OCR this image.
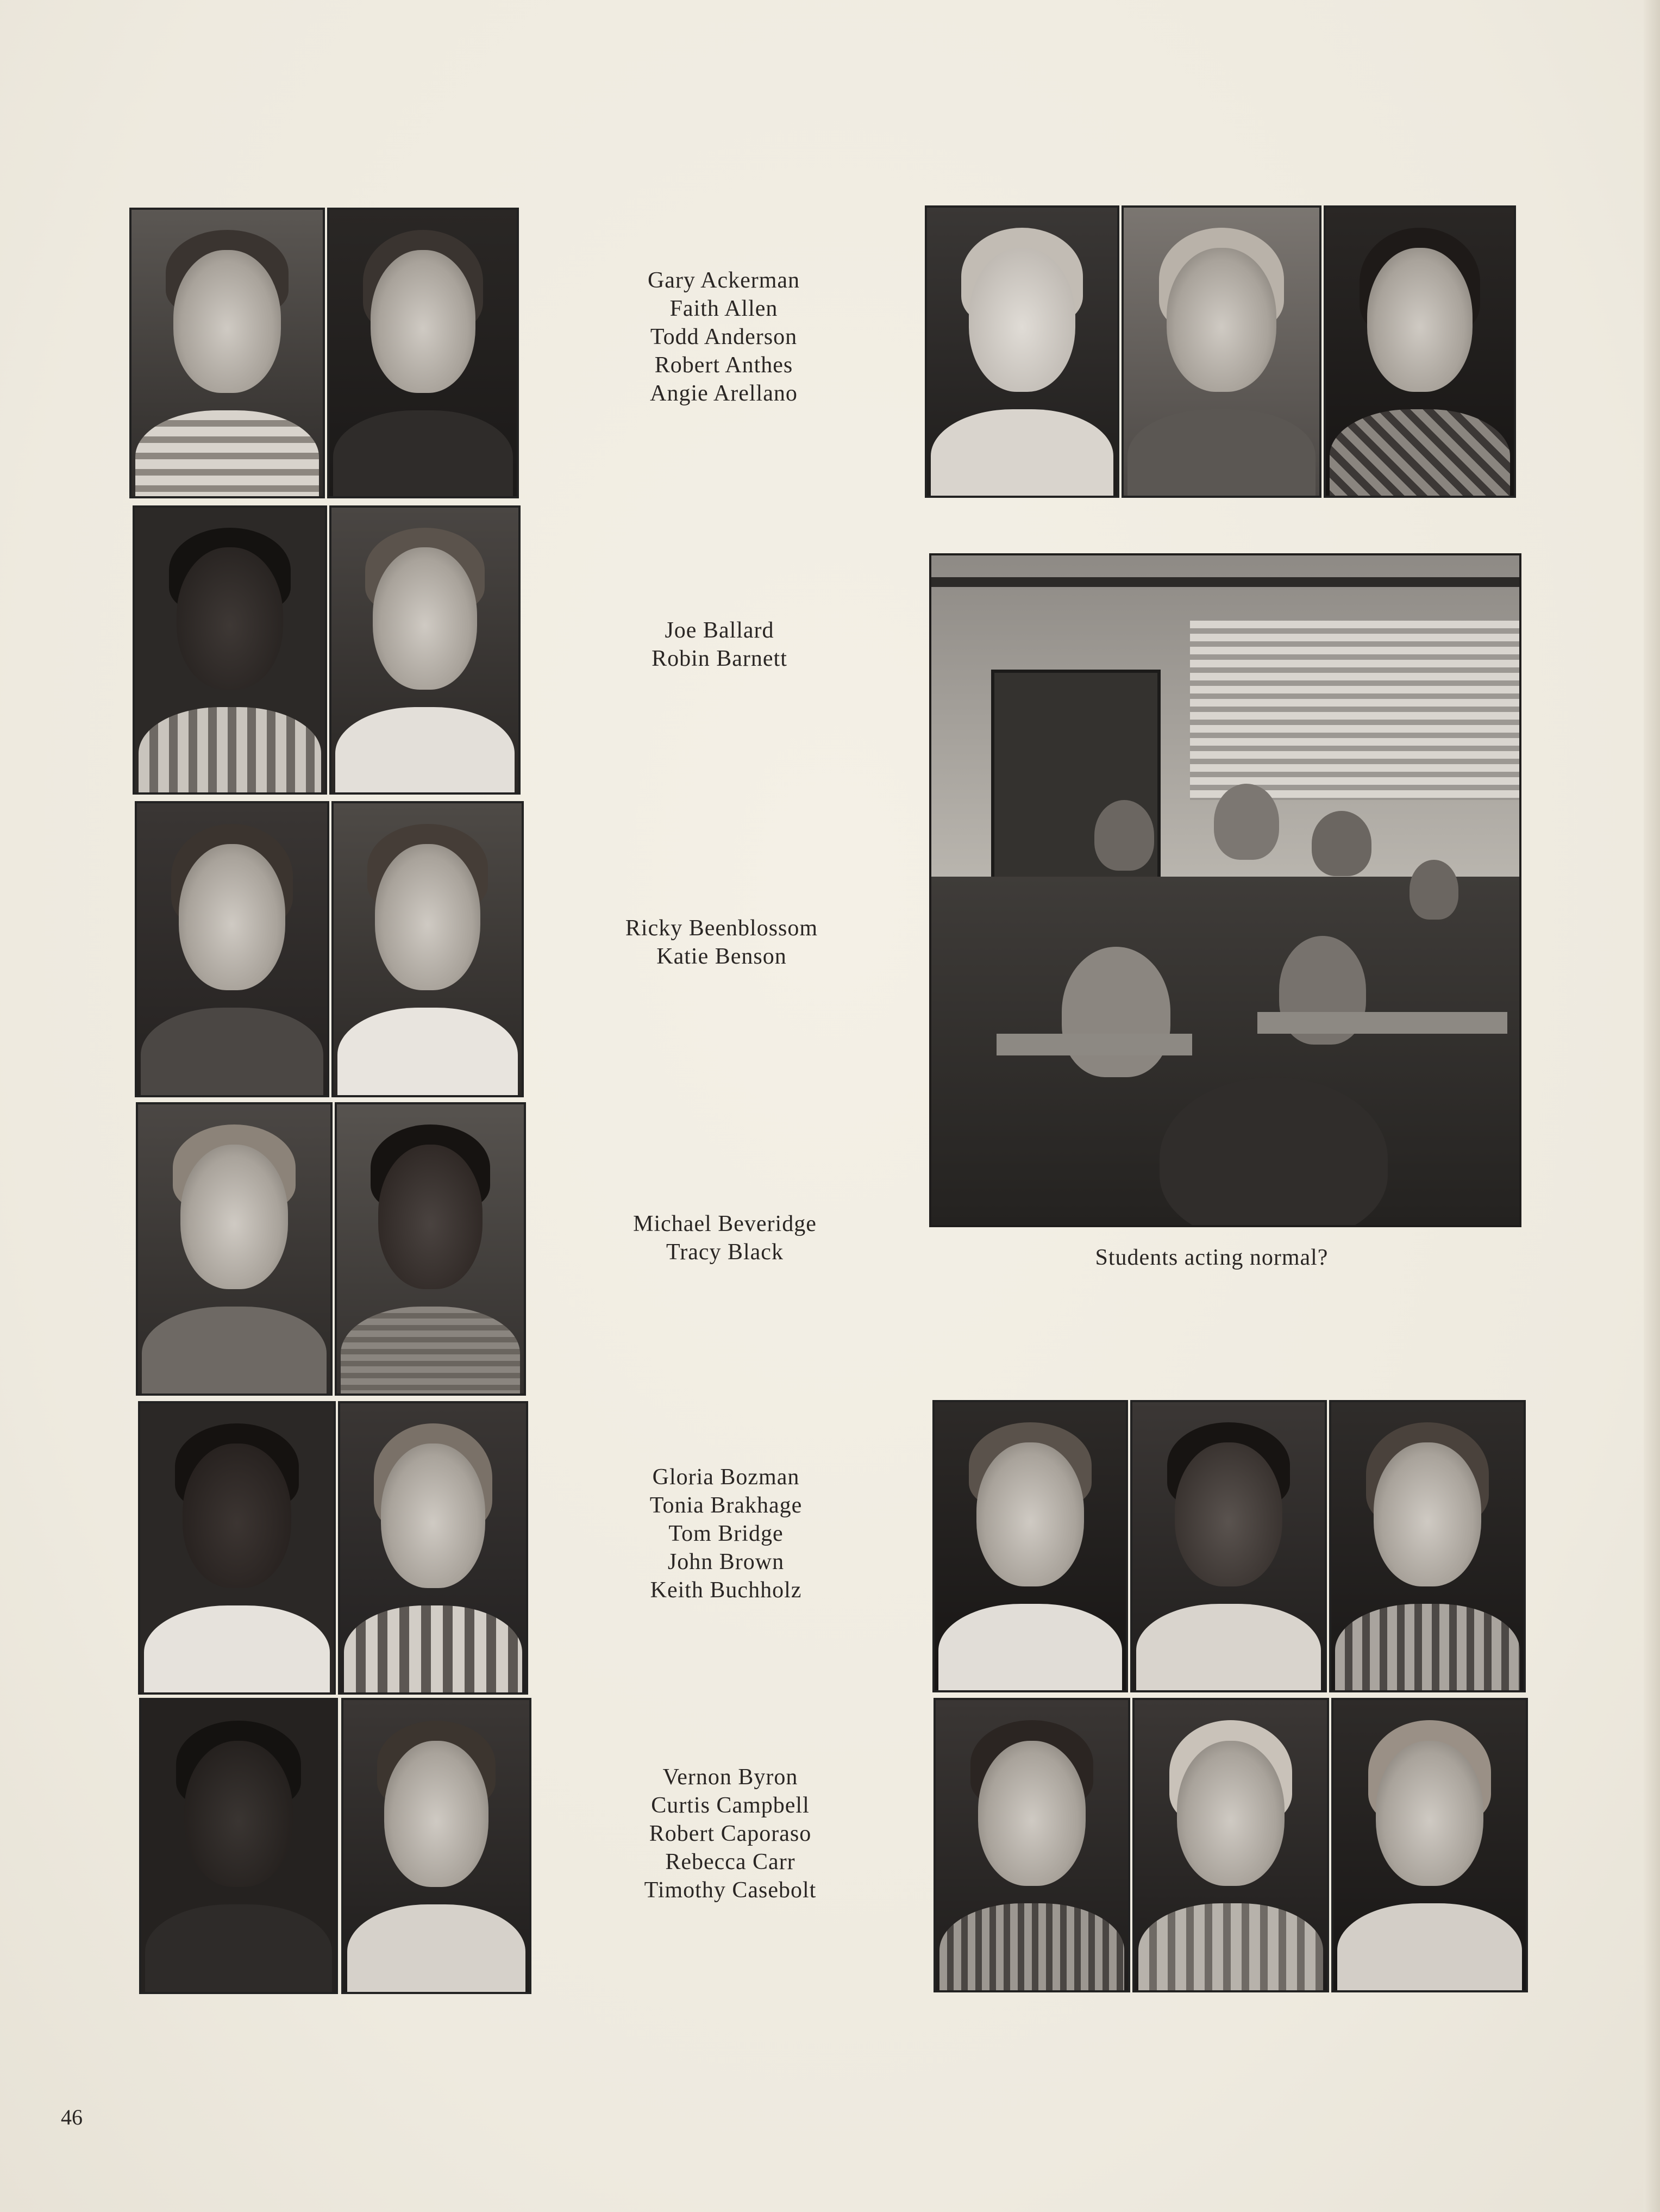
Gary Ackerman
Faith Allen
Todd Anderson
Robert Anthes
Angie Arellano
Joe Ballard
Robin Barnett
Ricky Beenblossom
Katie Benson
Michael Beveridge
Tracy Black
Gloria Bozman
Tonia Brakhage
Tom Bridge
John Brown
Keith Buchholz
Vernon Byron
Curtis Campbell
Robert Caporaso
Rebecca Carr
Timothy Casebolt
Students acting normal?
46
